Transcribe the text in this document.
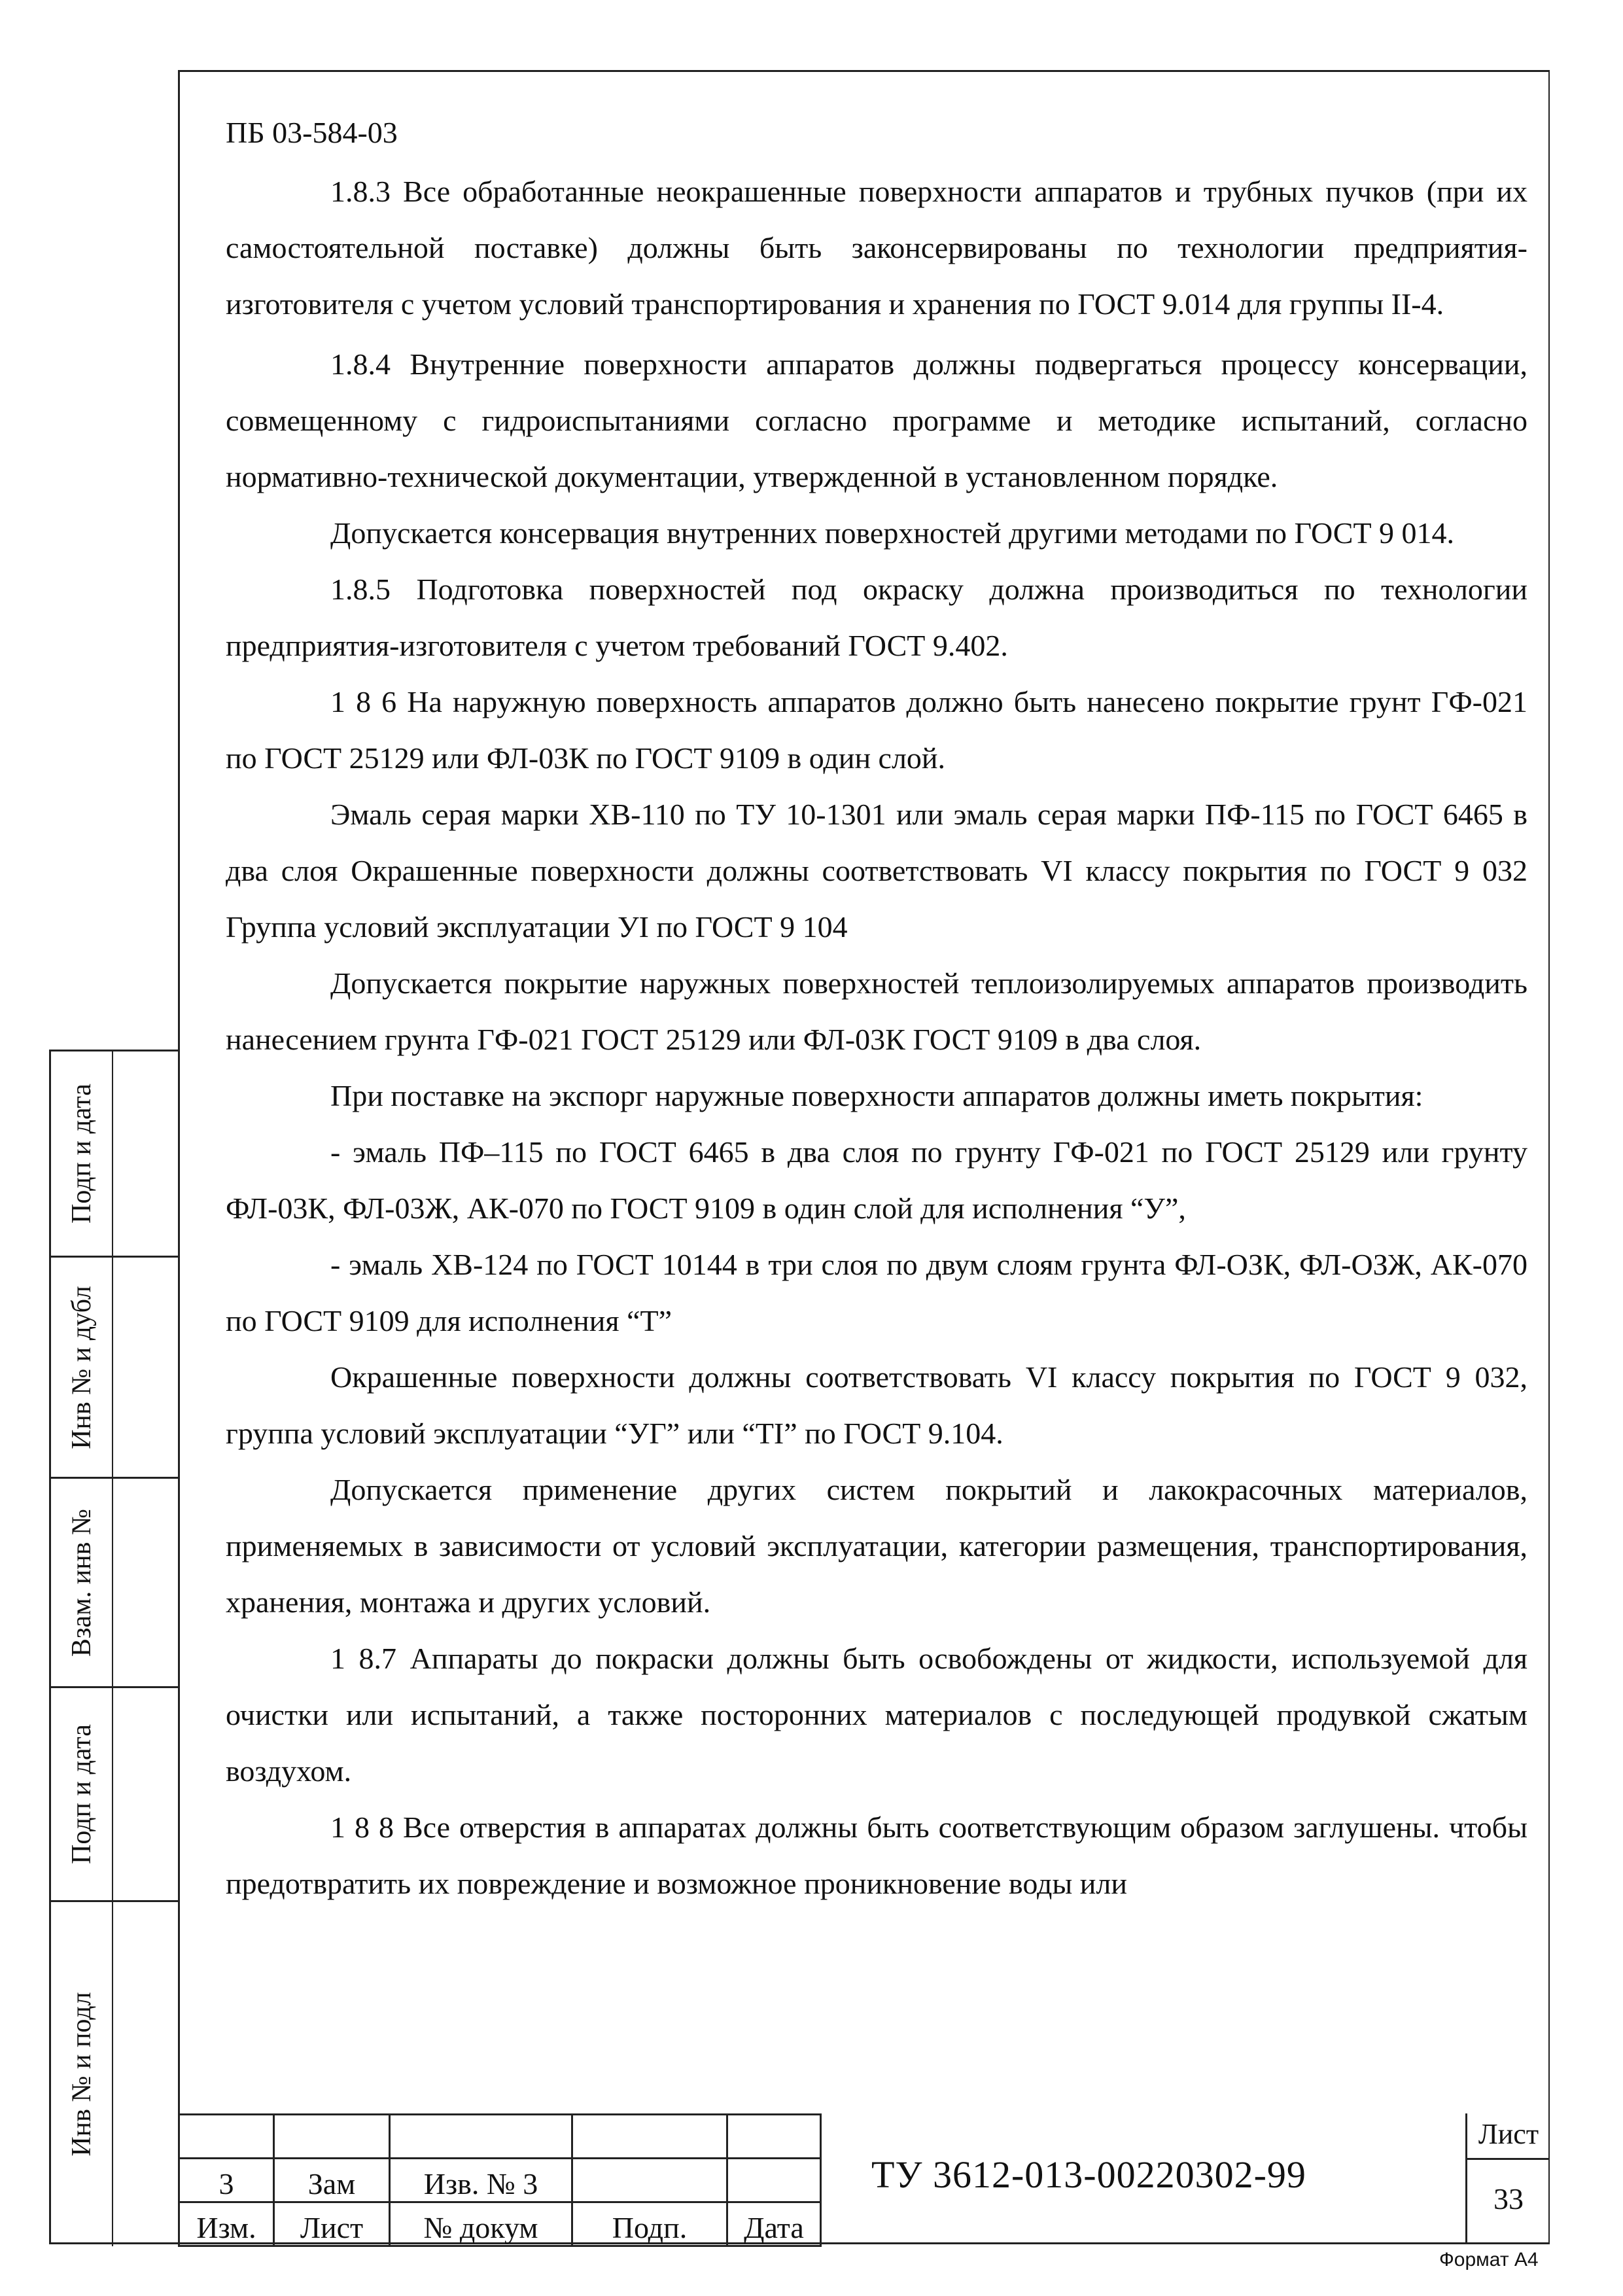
Подп и дата
Инв № и дубл
Взам. инв №
Подп и дата
Инв № и подл

ПБ 03-584-03

1.8.3 Все обработанные неокрашенные поверхности аппаратов и трубных пучков (при их самостоятельной поставке) должны быть законсервированы по технологии предприятия-изготовителя с учетом условий транспортирования и хранения по ГОСТ 9.014 для группы II-4.

1.8.4 Внутренние поверхности аппаратов должны подвергаться процессу консервации, совмещенному с гидроиспытаниями согласно программе и методике испытаний, согласно нормативно-технической документации, утвержденной в установленном порядке.

Допускается консервация внутренних поверхностей другими методами по ГОСТ 9 014.

1.8.5 Подготовка поверхностей под окраску должна производиться по технологии предприятия-изготовителя с учетом требований ГОСТ 9.402.

1 8 6 На наружную поверхность аппаратов должно быть нанесено покрытие грунт ГФ-021 по ГОСТ 25129 или ФЛ-03К по ГОСТ 9109 в один слой.

Эмаль серая марки ХВ-110 по ТУ 10-1301 или эмаль серая марки ПФ-115 по ГОСТ 6465 в два слоя Окрашенные поверхности должны соответствовать VI классу покрытия по ГОСТ 9 032 Группа условий эксплуатации УI по ГОСТ 9 104

Допускается покрытие наружных поверхностей теплоизолируемых аппаратов производить нанесением грунта ГФ-021 ГОСТ 25129 или ФЛ-03К ГОСТ 9109 в два слоя.

При поставке на экспорг наружные поверхности аппаратов должны иметь покрытия:

- эмаль ПФ–115 по ГОСТ 6465 в два слоя по грунту ГФ-021 по ГОСТ 25129 или грунту ФЛ-03К, ФЛ-03Ж, АК-070 по ГОСТ 9109 в один слой для исполнения “У”,

- эмаль ХВ-124 по ГОСТ 10144 в три слоя по двум слоям грунта ФЛ-ОЗК, ФЛ-ОЗЖ, АК-070 по ГОСТ 9109 для исполнения “Т”

Окрашенные поверхности должны соответствовать VI классу покрытия по ГОСТ 9 032, группа условий эксплуатации “УГ” или “TI” по ГОСТ 9.104.

Допускается применение других систем покрытий и лакокрасочных материалов, применяемых в зависимости от условий эксплуатации, категории размещения, транспортирования, хранения, монтажа и других условий.

1 8.7 Аппараты до покраски должны быть освобождены от жидкости, используемой для очистки или испытаний, а также посторонних материалов с последующей продувкой сжатым воздухом.

1 8 8 Все отверстия в аппаратах должны быть соответствующим образом заглушены. чтобы предотвратить их повреждение и возможное проникновение воды или

3	Зам	Изв. № 3		
Изм.	Лист	№ докум	Подп.	Дата
ТУ 3612-013-00220302-99
Лист
33
Формат А4
